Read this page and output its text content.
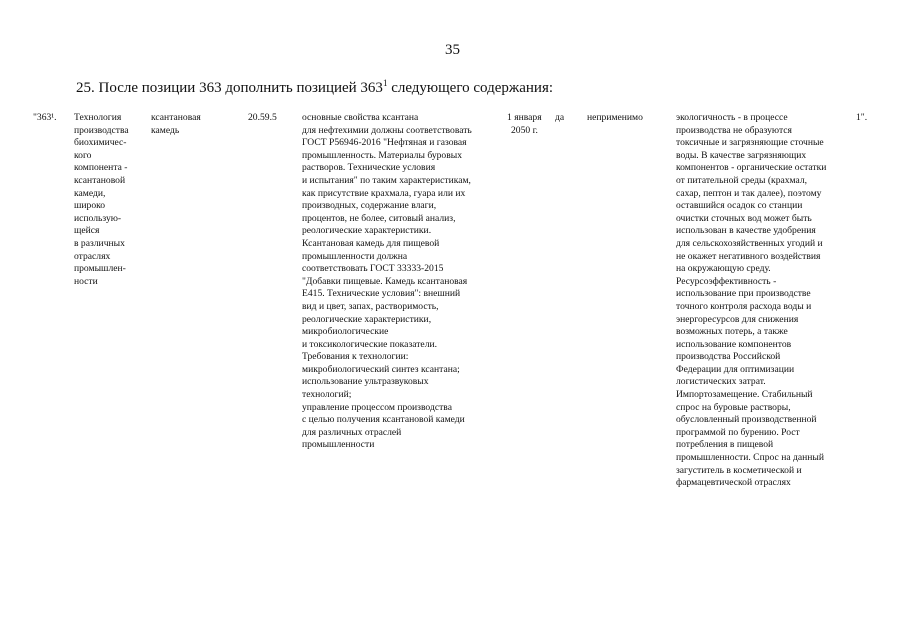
35
25. После позиции 363 дополнить позицией $363^1$ следующего содержания:
"363¹. Технология
производства
биохимичес-
кого
компонента -
ксантановой
камеди,
широко
использую-
щейся
в различных
отраслях
промышлен-
ности
ксантановая
камедь
20.59.5	основные свойства ксантана
для нефтехимии должны соответствовать
ГОСТ Р56946-2016 "Нефтяная и газовая
промышленность. Материалы буровых
растворов. Технические условия
и испытания" по таким характеристикам,
как присутствие крахмала, гуара или их
производных, содержание влаги,
процентов, не более, ситовый анализ,
реологические характеристики.
Ксантановая камедь для пищевой
промышленности должна
соответствовать ГОСТ 33333-2015
"Добавки пищевые. Камедь ксантановая
Е415. Технические условия": внешний
вид и цвет, запах, растворимость,
реологические характеристики,
микробиологические
и токсикологические показатели.
Требования к технологии:
микробиологический синтез ксантана;
использование ультразвуковых
технологий;
управление процессом производства
с целью получения ксантановой камеди
для различных отраслей
промышленности
1 января
2050 г.
да неприменимо	экологичность - в процессе
производства не образуются
токсичные и загрязняющие сточные
воды. В качестве загрязняющих
компонентов - органические остатки
от питательной среды (крахмал,
сахар, пептон и так далее), поэтому
оставшийся осадок со станции
очистки сточных вод может быть
использован в качестве удобрения
для сельскохозяйственных угодий и
не окажет негативного воздействия
на окружающую среду.
Ресурсоэффективность -
использование при производстве
точного контроля расхода воды и
энергоресурсов для снижения
возможных потерь, а также
использование компонентов
производства Российской
Федерации для оптимизации
логистических затрат.
Импортозамещение. Стабильный
спрос на буровые растворы,
обусловленный производственной
программой по бурению. Рост
потребления в пищевой
промышленности. Спрос на данный
загуститель в косметической и
фармацевтической отраслях
1".
